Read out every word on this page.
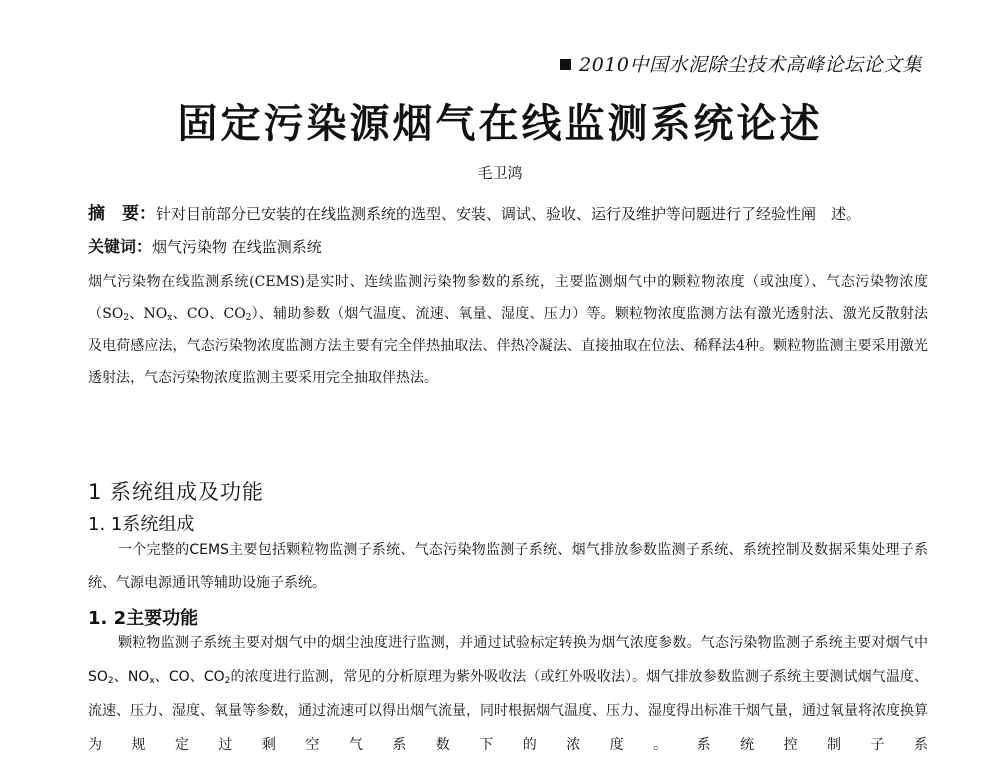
2010中国水泥除尘技术高峰论坛论文集
固定污染源烟气在线监测系统论述
毛卫鸿
摘　要：针对目前部分已安装的在线监测系统的选型、安装、调试、验收、运行及维护等问题进行了经验性阐　述。
关键词：烟气污染物 在线监测系统
烟气污染物在线监测系统(CEMS)是实时、连续监测污染物参数的系统，主要监测烟气中的颗粒物浓度（或浊度）、气态污染物浓度（$SO_2$、$NO_x$、CO、$CO_2$）、辅助参数（烟气温度、流速、氧量、湿度、压力）等。颗粒物浓度监测方法有激光透射法、激光反散射法及电荷感应法，气态污染物浓度监测方法主要有完全伴热抽取法、伴热冷凝法、直接抽取在位法、稀释法4种。颗粒物监测主要采用激光透射法，气态污染物浓度监测主要采用完全抽取伴热法。
1 系统组成及功能
1. 1系统组成
一个完整的CEMS主要包括颗粒物监测子系统、气态污染物监测子系统、烟气排放参数监测子系统、系统控制及数据采集处理子系统、气源电源通讯等辅助设施子系统。
1. 2主要功能
颗粒物监测子系统主要对烟气中的烟尘浊度进行监测，并通过试验标定转换为烟气浓度参数。气态污染物监测子系统主要对烟气中$SO_2$、$NO_x$、CO、$CO_2$的浓度进行监测，常见的分析原理为紫外吸收法（或红外吸收法）。烟气排放参数监测子系统主要测试烟气温度、流速、压力、湿度、氧量等参数，通过流速可以得出烟气流量，同时根据烟气温度、压力、湿度得出标准干烟气量，通过氧量将浓度换算为规定过剩空气系数下的浓度。系统控制子系
